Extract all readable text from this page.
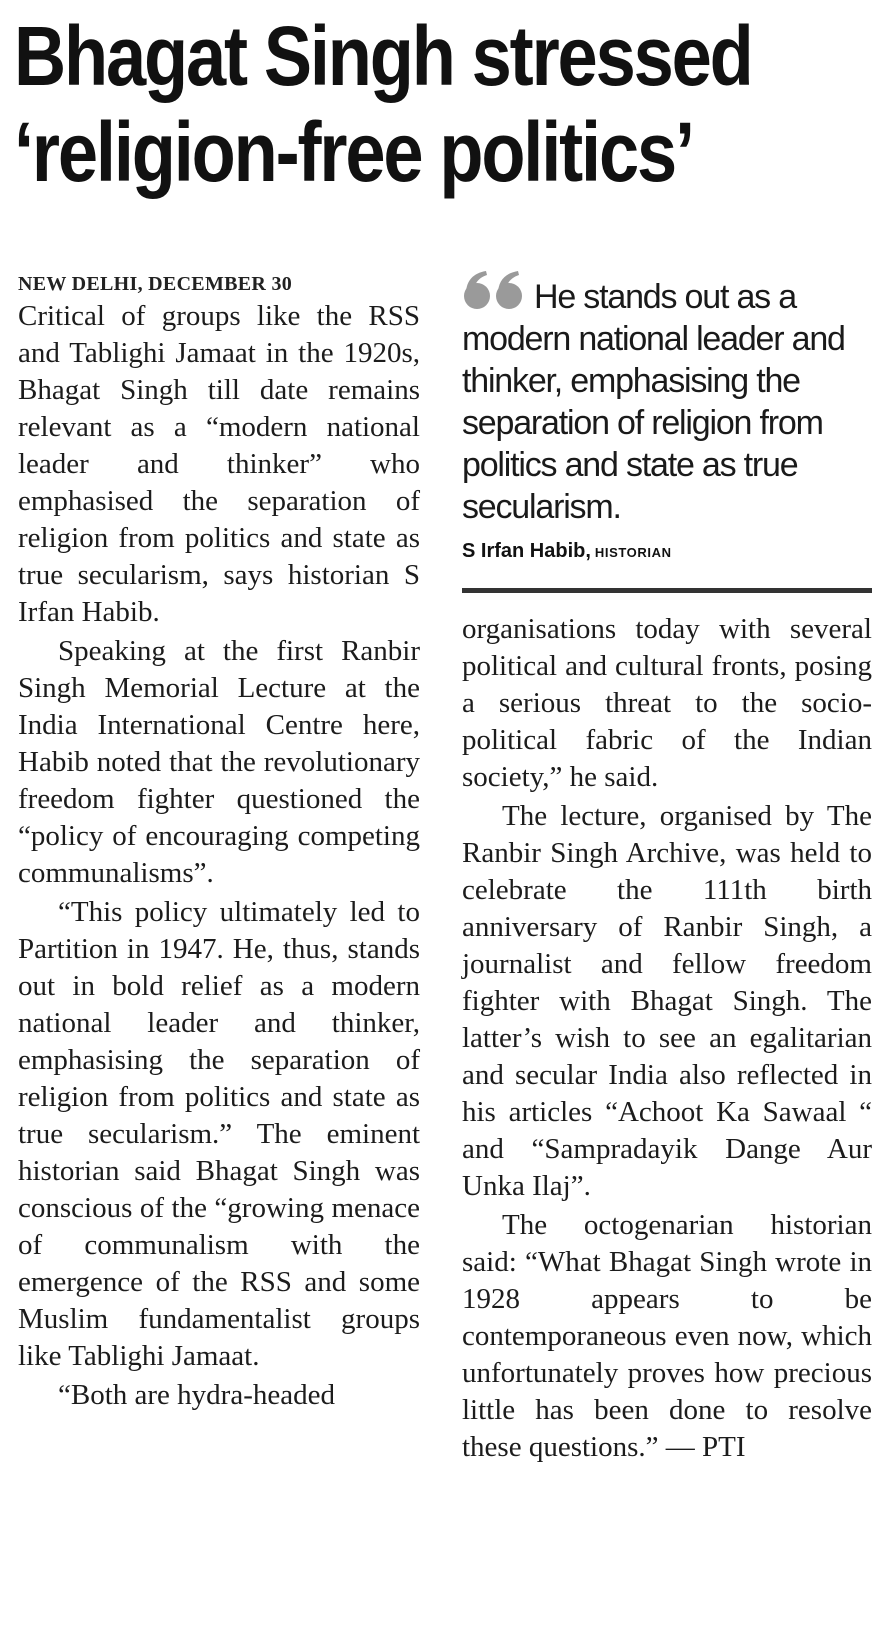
Bhagat Singh stressed
‘religion-free politics’
NEW DELHI, DECEMBER 30

Critical of groups like the RSS and Tablighi Jamaat in the 1920s, Bhagat Singh till date remains relevant as a “modern national leader and thinker” who emphasised the separation of religion from politics and state as true secularism, says historian S Irfan Habib.

Speaking at the first Ranbir Singh Memorial Lecture at the India International Centre here, Habib noted that the revolutionary freedom fighter questioned the “policy of encouraging competing communalisms”.

“This policy ultimately led to Partition in 1947. He, thus, stands out in bold relief as a modern national leader and thinker, emphasising the separation of religion from politics and state as true secularism.” The eminent historian said Bhagat Singh was conscious of the “growing menace of communalism with the emergence of the RSS and some Muslim fundamentalist groups like Tablighi Jamaat.

“Both are hydra-headed

He stands out as a modern national leader and thinker, emphasising the separation of religion from politics and state as true secularism.
S Irfan Habib, HISTORIAN

organisations today with several political and cultural fronts, posing a serious threat to the socio-political fabric of the Indian society,” he said.

The lecture, organised by The Ranbir Singh Archive, was held to celebrate the 111th birth anniversary of Ranbir Singh, a journalist and fellow freedom fighter with Bhagat Singh. The latter’s wish to see an egalitarian and secular India also reflected in his articles “Achoot Ka Sawaal “ and “Sampradayik Dange Aur Unka Ilaj”.

The octogenarian historian said: “What Bhagat Singh wrote in 1928 appears to be contemporaneous even now, which unfortunately proves how precious little has been done to resolve these questions.” — PTI
